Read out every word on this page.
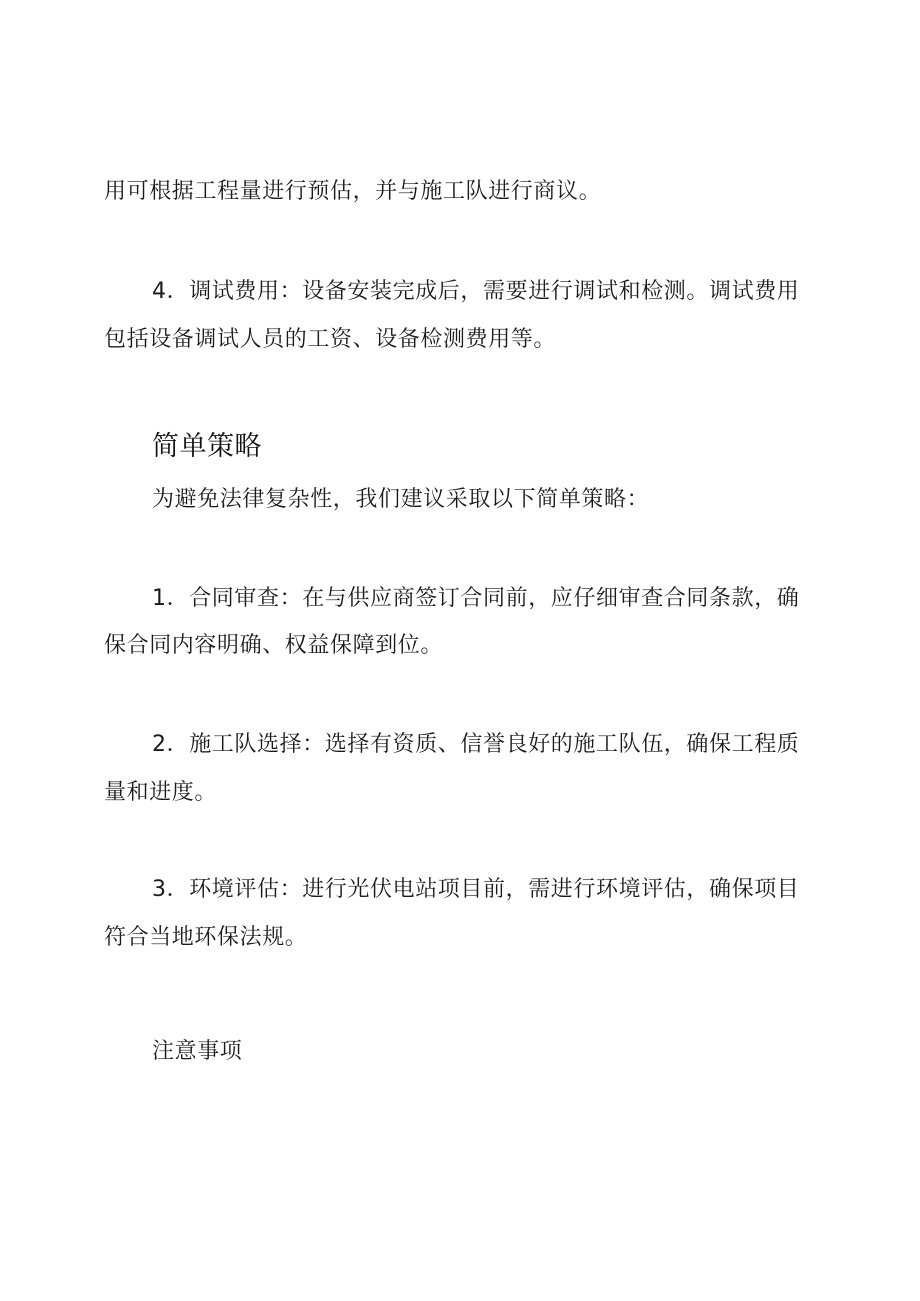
用可根据工程量进行预估，并与施工队进行商议。
4．调试费用：设备安装完成后，需要进行调试和检测。调试费用
包括设备调试人员的工资、设备检测费用等。
简单策略
为避免法律复杂性，我们建议采取以下简单策略：
1．合同审查：在与供应商签订合同前，应仔细审查合同条款，确
保合同内容明确、权益保障到位。
2．施工队选择：选择有资质、信誉良好的施工队伍，确保工程质
量和进度。
3．环境评估：进行光伏电站项目前，需进行环境评估，确保项目
符合当地环保法规。
注意事项
